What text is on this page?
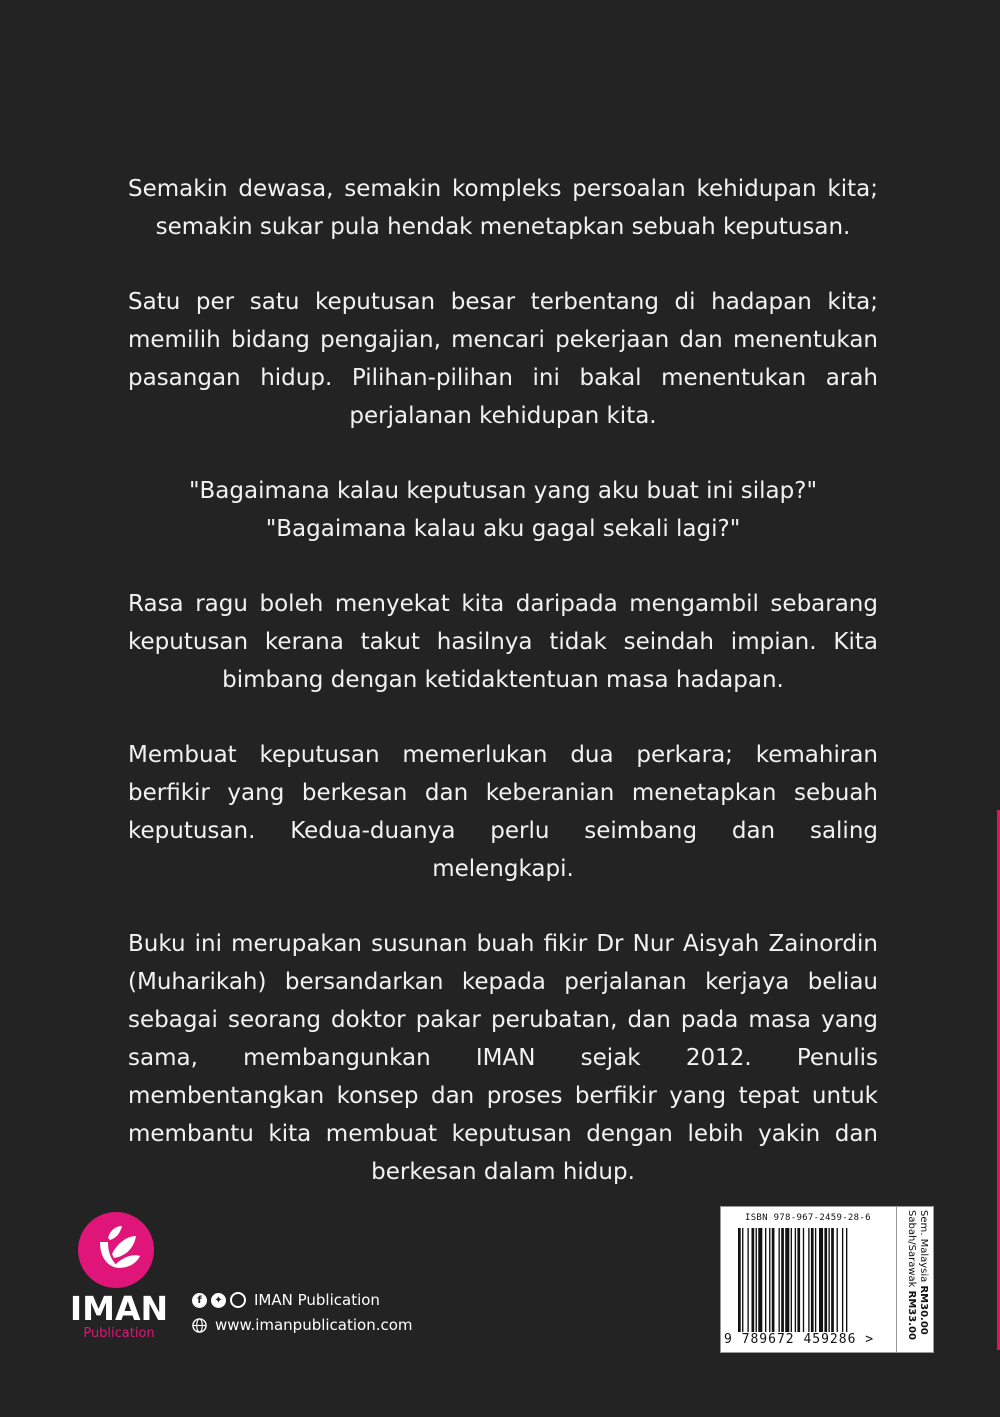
Semakin dewasa, semakin kompleks persoalan kehidupan kita; semakin sukar pula hendak menetapkan sebuah keputusan.

Satu per satu keputusan besar terbentang di hadapan kita; memilih bidang pengajian, mencari pekerjaan dan menentukan pasangan hidup. Pilihan-pilihan ini bakal menentukan arah perjalanan kehidupan kita.

"Bagaimana kalau keputusan yang aku buat ini silap?"
"Bagaimana kalau aku gagal sekali lagi?"

Rasa ragu boleh menyekat kita daripada mengambil sebarang keputusan kerana takut hasilnya tidak seindah impian. Kita bimbang dengan ketidaktentuan masa hadapan.

Membuat keputusan memerlukan dua perkara; kemahiran berfikir yang berkesan dan keberanian menetapkan sebuah keputusan. Kedua-duanya perlu seimbang dan saling melengkapi.

Buku ini merupakan susunan buah fikir Dr Nur Aisyah Zainordin (Muharikah) bersandarkan kepada perjalanan kerjaya beliau sebagai seorang doktor pakar perubatan, dan pada masa yang sama, membangunkan IMAN sejak 2012. Penulis membentangkan konsep dan proses berfikir yang tepat untuk membantu kita membuat keputusan dengan lebih yakin dan berkesan dalam hidup.

IMAN
Publication
f	✦ IMAN Publication
www.imanpublication.com
ISBN 978-967-2459-28-6
9 789672 459286 >
Sem. Malaysia RM30.00
Sabah/Sarawak RM33.00
